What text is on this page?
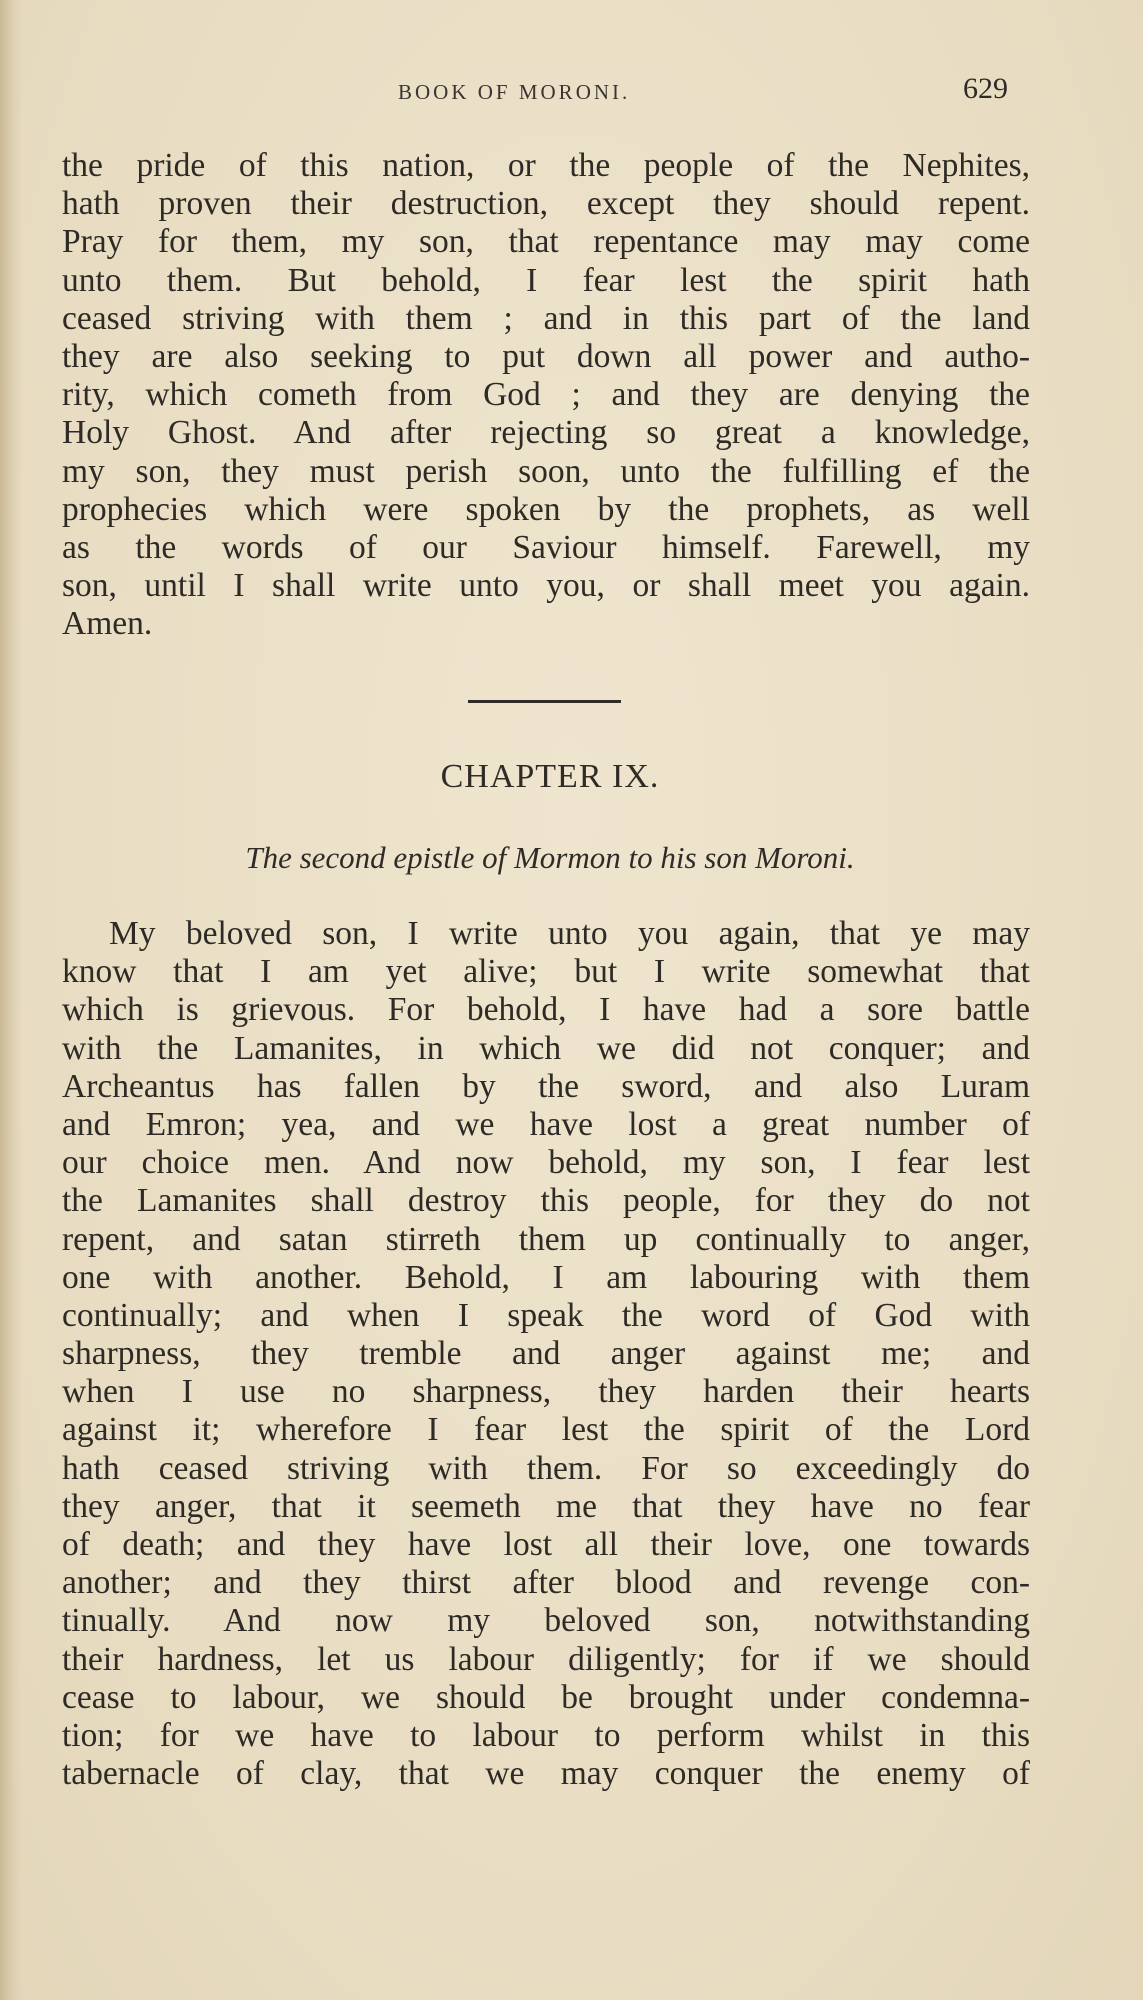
BOOK OF MORONI.	629
the pride of this nation, or the people of the Nephites,
hath proven their destruction, except they should repent.
Pray for them, my son, that repentance may may come
unto them. But behold, I fear lest the spirit hath
ceased striving with them ; and in this part of the land
they are also seeking to put down all power and autho-
rity, which cometh from God ; and they are denying the
Holy Ghost. And after rejecting so great a knowledge,
my son, they must perish soon, unto the fulfilling ef the
prophecies which were spoken by the prophets, as well
as the words of our Saviour himself. Farewell, my
son, until I shall write unto you, or shall meet you again.
Amen.
CHAPTER IX.
The second epistle of Mormon to his son Moroni.
My beloved son, I write unto you again, that ye may
know that I am yet alive; but I write somewhat that
which is grievous. For behold, I have had a sore battle
with the Lamanites, in which we did not conquer; and
Archeantus has fallen by the sword, and also Luram
and Emron; yea, and we have lost a great number of
our choice men. And now behold, my son, I fear lest
the Lamanites shall destroy this people, for they do not
repent, and satan stirreth them up continually to anger,
one with another. Behold, I am labouring with them
continually; and when I speak the word of God with
sharpness, they tremble and anger against me; and
when I use no sharpness, they harden their hearts
against it; wherefore I fear lest the spirit of the Lord
hath ceased striving with them. For so exceedingly do
they anger, that it seemeth me that they have no fear
of death; and they have lost all their love, one towards
another; and they thirst after blood and revenge con-
tinually. And now my beloved son, notwithstanding
their hardness, let us labour diligently; for if we should
cease to labour, we should be brought under condemna-
tion; for we have to labour to perform whilst in this
tabernacle of clay, that we may conquer the enemy of
